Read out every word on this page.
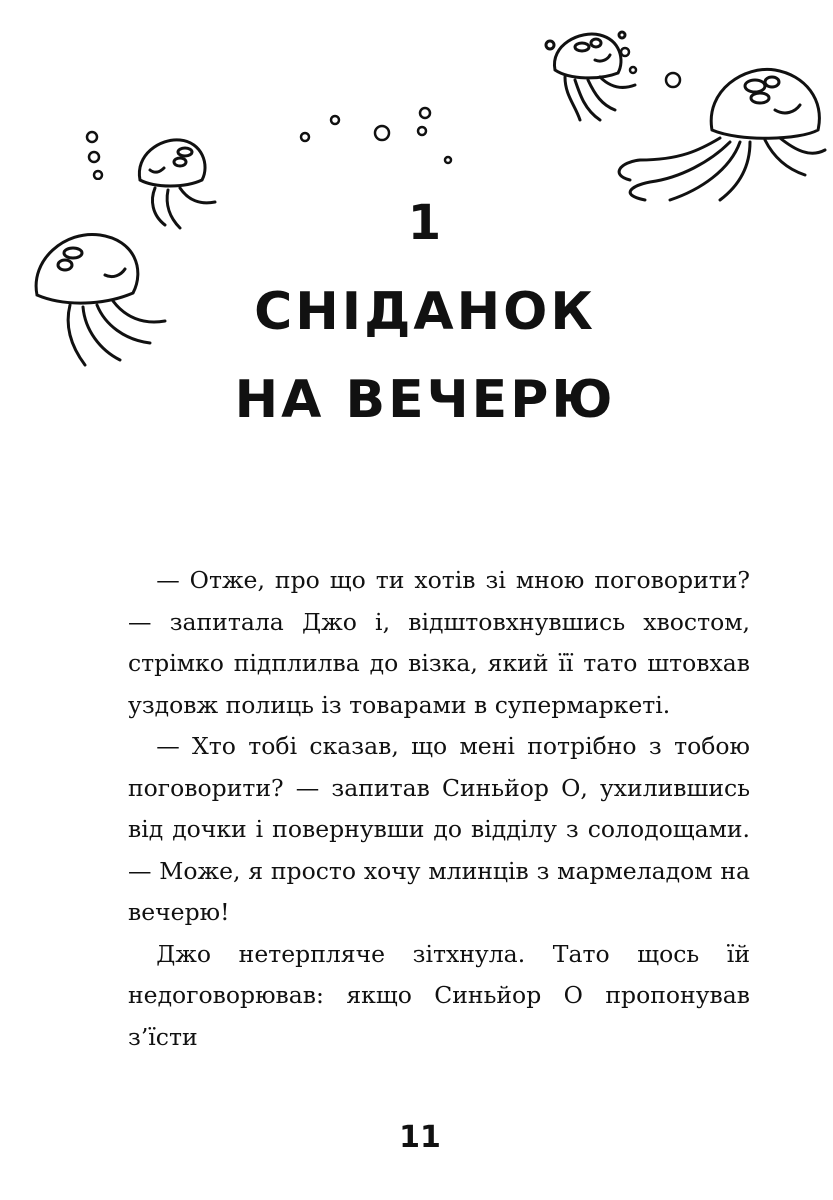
1
СНІДАНОК
НА ВЕЧЕРЮ

— Отже, про що ти хотів зі мною поговорити? — запитала Джо і, відштовхнувшись хвостом, стрімко підплилва до візка, який її тато штовхав уздовж полиць із товарами в супермаркеті.

— Хто тобі сказав, що мені потрібно з тобою поговорити? — запитав Синьйор О, ухилившись від дочки і повернувши до відділу з солодощами. — Може, я просто хочу млинців з мармеладом на вечерю!

Джо нетерпляче зітхнула. Тато щось їй недоговорював: якщо Синьйор О пропонував з’їсти

11
